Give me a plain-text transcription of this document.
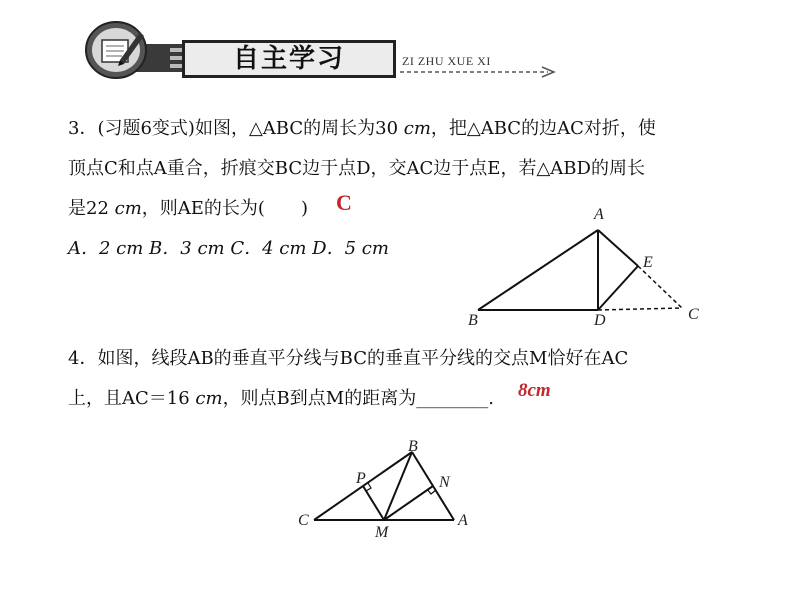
自主学习	ZI ZHU XUE XI
3．(习题6变式)如图，△ABC的周长为30 cm，把△ABC的边AC对折，使
顶点C和点A重合，折痕交BC边于点D，交AC边于点E，若△ABD的周长
是22 cm，则AE的长为(　　) C
A．2 cm B．3 cm C．4 cm D．5 cm
A
E
B	D	C
4．如图，线段AB的垂直平分线与BC的垂直平分线的交点M恰好在AC
上，且AC＝16 cm，则点B到点M的距离为________. 8cm
B
P	N
C
M
A
